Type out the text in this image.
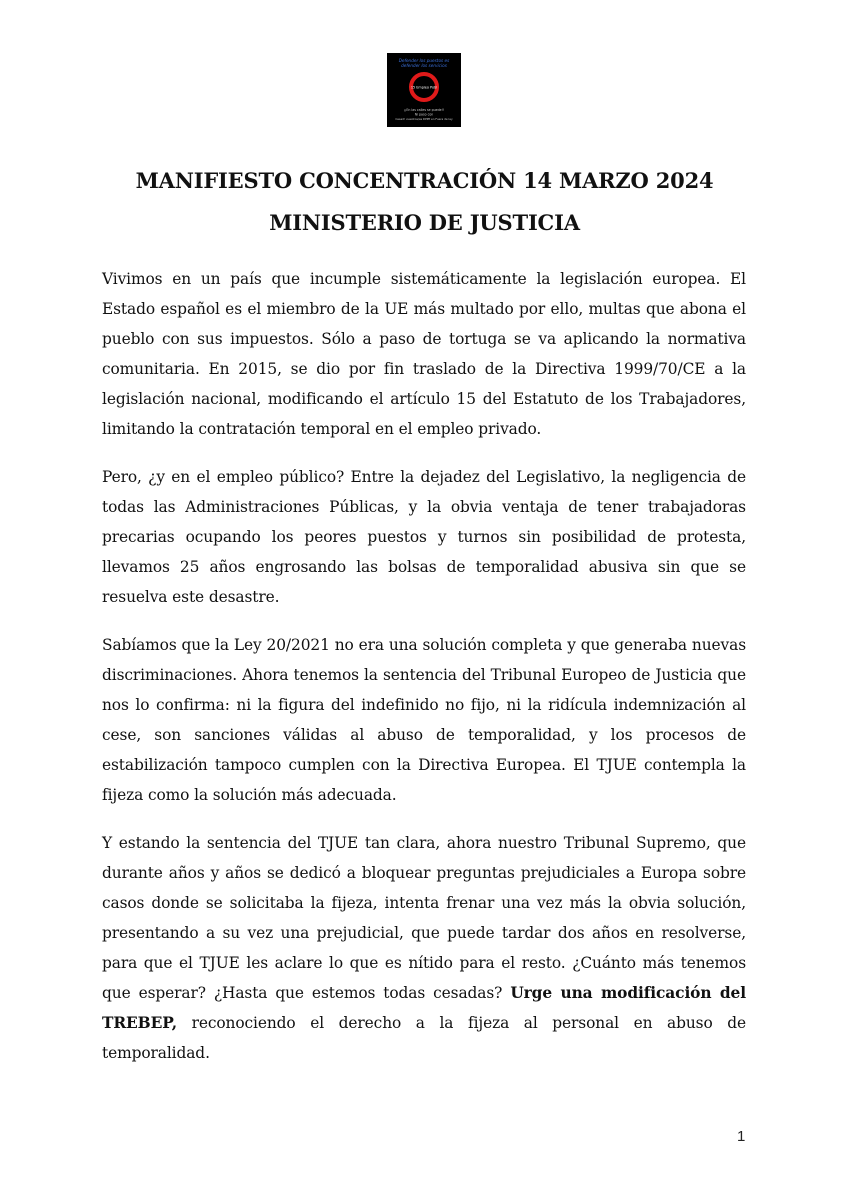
Defender los puestos es
defender los servicios
15 Empleo Pobl
¡¡En las calles se puede!!
Ni paso con
Cesad! vuestros/as DPPP en Fuera de ley
MANIFIESTO CONCENTRACIÓN 14 MARZO 2024
MINISTERIO DE JUSTICIA

Vivimos en un país que incumple sistemáticamente la legislación europea. El Estado español es el miembro de la UE más multado por ello, multas que abona el pueblo con sus impuestos. Sólo a paso de tortuga se va aplicando la normativa comunitaria. En 2015, se dio por fin traslado de la Directiva 1999/70/CE a la legislación nacional, modificando el artículo 15 del Estatuto de los Trabajadores, limitando la contratación temporal en el empleo privado.

Pero, ¿y en el empleo público? Entre la dejadez del Legislativo, la negligencia de todas las Administraciones Públicas, y la obvia ventaja de tener trabajadoras precarias ocupando los peores puestos y turnos sin posibilidad de protesta, llevamos 25 años engrosando las bolsas de temporalidad abusiva sin que se resuelva este desastre.

Sabíamos que la Ley 20/2021 no era una solución completa y que generaba nuevas discriminaciones. Ahora tenemos la sentencia del Tribunal Europeo de Justicia que nos lo confirma: ni la figura del indefinido no fijo, ni la ridícula indemnización al cese, son sanciones válidas al abuso de temporalidad, y los procesos de estabilización tampoco cumplen con la Directiva Europea. El TJUE contempla la fijeza como la solución más adecuada.

Y estando la sentencia del TJUE tan clara, ahora nuestro Tribunal Supremo, que durante años y años se dedicó a bloquear preguntas prejudiciales a Europa sobre casos donde se solicitaba la fijeza, intenta frenar una vez más la obvia solución, presentando a su vez una prejudicial, que puede tardar dos años en resolverse, para que el TJUE les aclare lo que es nítido para el resto. ¿Cuánto más tenemos que esperar? ¿Hasta que estemos todas cesadas? Urge una modificación del TREBEP, reconociendo el derecho a la fijeza al personal en abuso de temporalidad.

1
